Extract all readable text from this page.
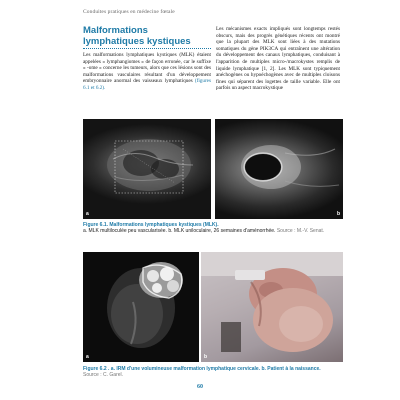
Conduites pratiques en médecine fœtale
Malformations lymphatiques kystiques

Les malformations lymphatiques kystiques (MLK) étaient appelées « lymphangiomes » de façon erronée, car le suffixe « -ome » concerne les tumeurs, alors que ces lésions sont des malformations vasculaires résultant d'un développement embryonnaire anormal des vaisseaux lymphatiques (figures 6.1 et 6.2).

Les mécanismes exacts impliqués sont longtemps restés obscurs, mais des progrès génétiques récents ont montré que la plupart des MLK sont liées à des mutations somatiques du gène PIK3CA qui entraînent une altération du développement des canaux lymphatiques, conduisant à l'apparition de multiples micro-/macrokystes remplis de liquide lymphatique [1, 2]. Les MLK sont typiquement anéchogènes ou hypoéchogènes avec de multiples cloisons fines qui séparent des logettes de taille variable. Elle ont parfois un aspect macrokystique

a	b
Figure 6.1. Malformations lymphatiques kystiques (MLK).
a. MLK multiloculée peu vascularisée. b. MLK uniloculaire, 26 semaines d'aménorrhée. Source : M.-V. Senat.
a	b
Figure 6.2 . a. IRM d'une volumineuse malformation lymphatique cervicale. b. Patient à la naissance.
Source : C. Garel.
60
